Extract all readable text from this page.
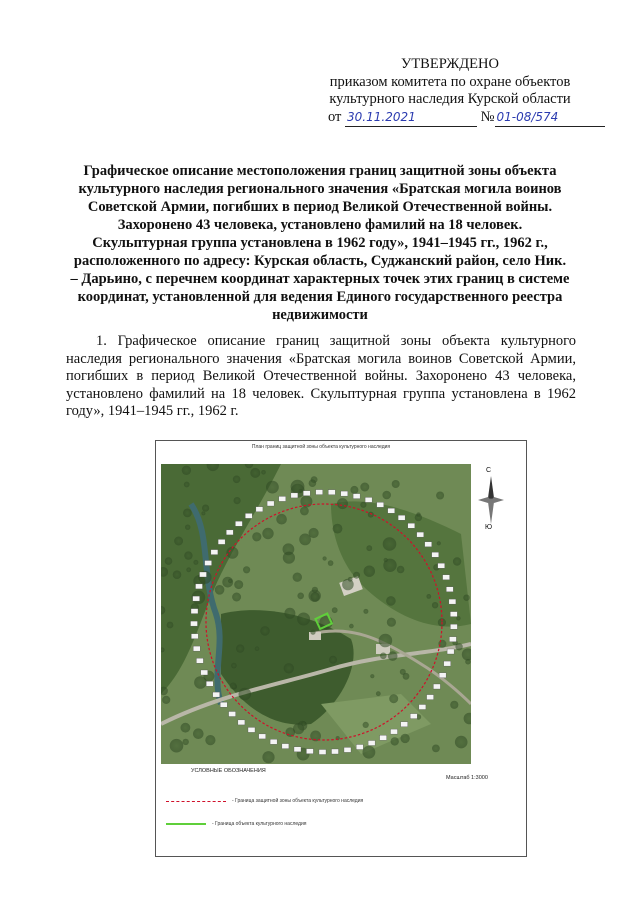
УТВЕРЖДЕНО
приказом комитета по охране объектов
культурного наследия Курской области
от 30.11.2021	№ 01-08/574
Графическое описание местоположения границ защитной зоны объекта культурного наследия регионального значения «Братская могила воинов Советской Армии, погибших в период Великой Отечественной войны. Захоронено 43 человека, установлено фамилий на 18 человек. Скульптурная группа установлена в 1962 году», 1941–1945 гг., 1962 г., расположенного по адресу: Курская область, Суджанский район, село Ник. – Дарьино, с перечнем координат характерных точек этих границ в системе координат, установленной для ведения Единого государственного реестра недвижимости
1. Графическое описание границ защитной зоны объекта культурного наследия регионального значения «Братская могила воинов Советской Армии, погибших в период Великой Отечественной войны. Захоронено 43 человека, установлено фамилий на 18 человек. Скульптурная группа установлена в 1962 году», 1941–1945 гг., 1962 г.
План границ защитной зоны объекта культурного наследия
С
Ю
УСЛОВНЫЕ ОБОЗНАЧЕНИЯ
Масштаб 1:3000
- Граница защитной зоны объекта культурного наследия
- Граница объекта культурного наследия
